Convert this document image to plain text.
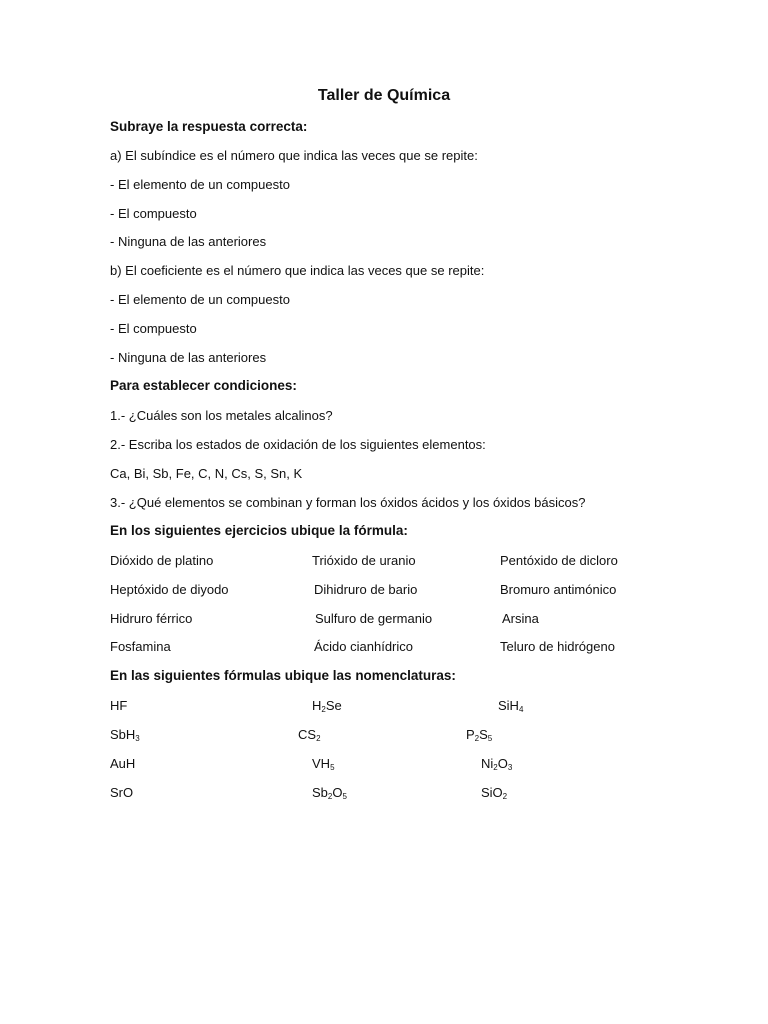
Taller de Química
Subraye la respuesta correcta:
a) El subíndice es el número que indica las veces que se repite:
- El elemento de un compuesto
- El compuesto
- Ninguna de las anteriores
b) El coeficiente es el número que indica las veces que se repite:
- El elemento de un compuesto
- El compuesto
- Ninguna de las anteriores
Para establecer condiciones:
1.- ¿Cuáles son los metales alcalinos?
2.- Escriba los estados de oxidación de los siguientes elementos:
Ca, Bi, Sb, Fe, C, N, Cs, S, Sn, K
3.- ¿Qué elementos se combinan y forman los óxidos ácidos y los óxidos básicos?
En los siguientes ejercicios ubique la fórmula:
Dióxido de platino	Trióxido de uranio	Pentóxido de dicloro
Heptóxido de diyodo	Dihidruro de bario	Bromuro antimónico
Hidruro férrico	Sulfuro de germanio	Arsina
Fosfamina	Ácido cianhídrico	Teluro de hidrógeno
En las siguientes fórmulas ubique las nomenclaturas:
HF	$H_2Se$	SiH$_4$
SbH$_3$	$CS_2$	$P_2S_5$
AuH	$VH_5$	$Ni_2O_3$
SrO	$Sb_2O_5$	SiO$_2$
